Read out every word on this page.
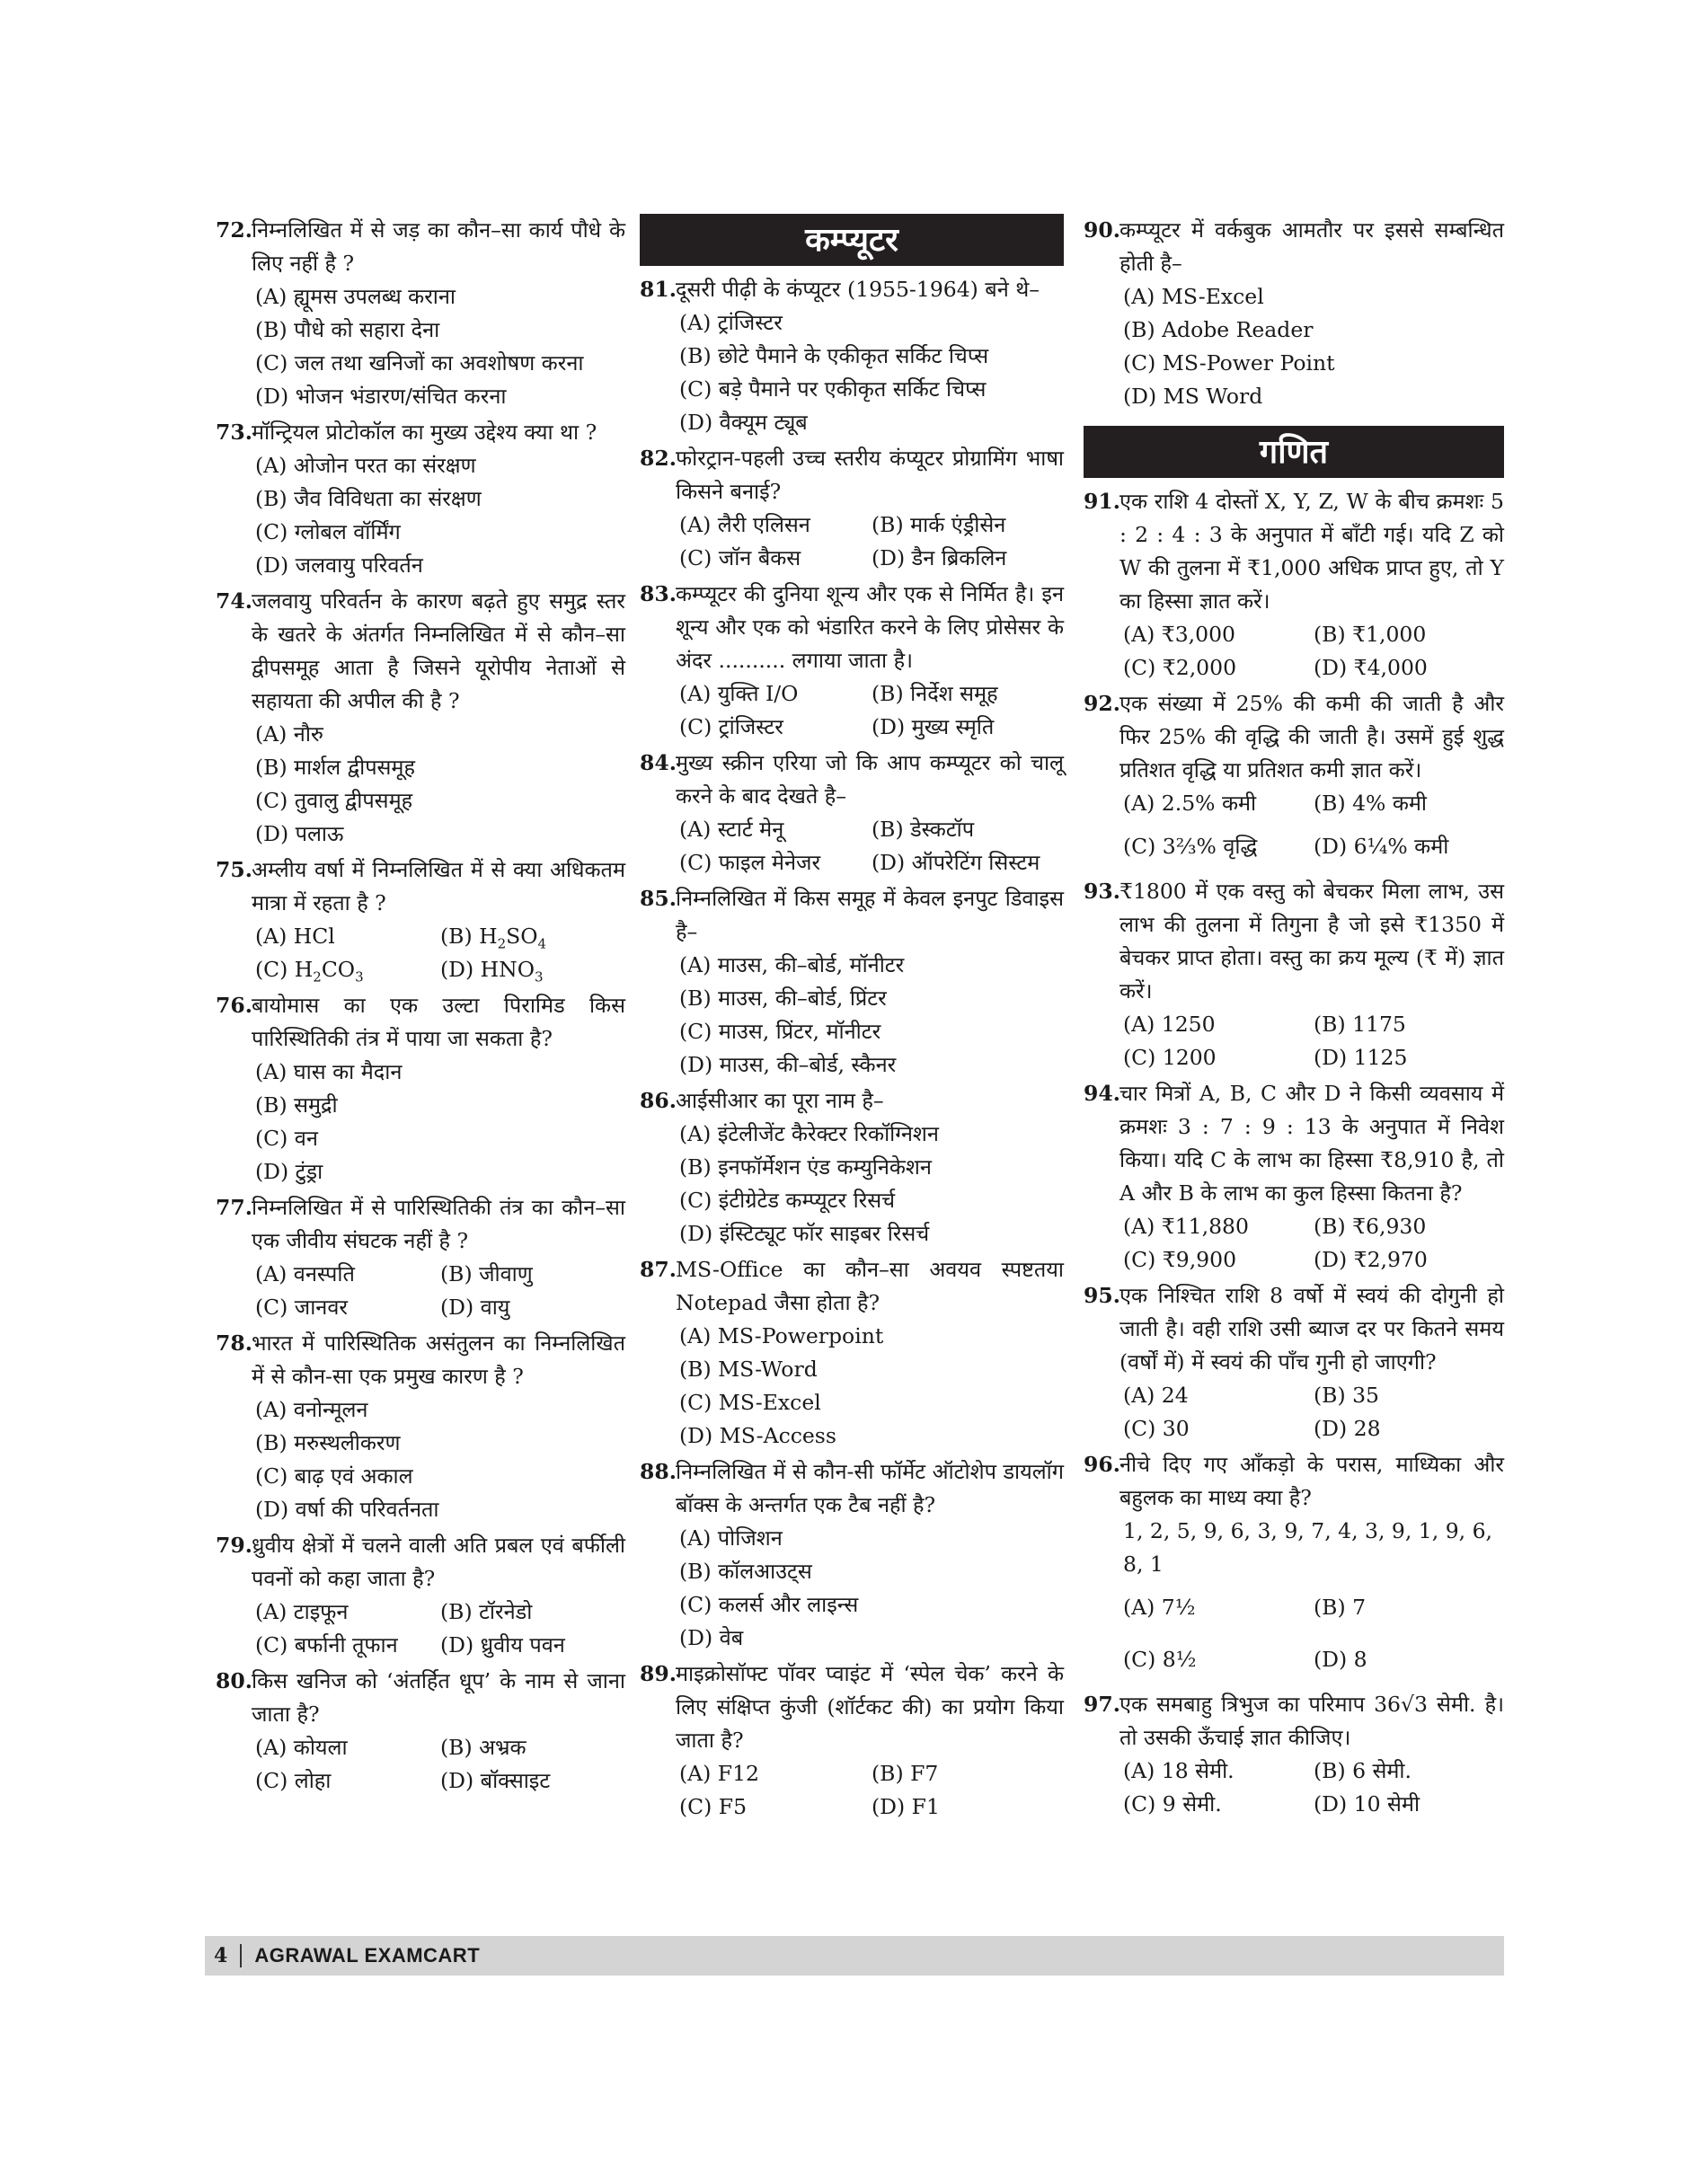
72. निम्नलिखित में से जड़ का कौन–सा कार्य पौधे के लिए नहीं है ?
(A) ह्यूमस उपलब्ध कराना
(B) पौधे को सहारा देना
(C) जल तथा खनिजों का अवशोषण करना
(D) भोजन भंडारण/संचित करना
73. मॉन्ट्रियल प्रोटोकॉल का मुख्य उद्देश्य क्या था ?
(A) ओजोन परत का संरक्षण
(B) जैव विविधता का संरक्षण
(C) ग्लोबल वॉर्मिंग
(D) जलवायु परिवर्तन
74. जलवायु परिवर्तन के कारण बढ़ते हुए समुद्र स्तर के खतरे के अंतर्गत निम्नलिखित में से कौन–सा द्वीपसमूह आता है जिसने यूरोपीय नेताओं से सहायता की अपील की है ?
(A) नौरु
(B) मार्शल द्वीपसमूह
(C) तुवालु द्वीपसमूह
(D) पलाऊ
75. अम्लीय वर्षा में निम्नलिखित में से क्या अधिकतम मात्रा में रहता है ?
(A) HCl	(B) $H_2SO_4$
(C) $H_2CO_3$	(D) $HNO_3$
76. बायोमास का एक उल्टा पिरामिड किस पारिस्थितिकी तंत्र में पाया जा सकता है?
(A) घास का मैदान
(B) समुद्री
(C) वन
(D) टुंड्रा
77. निम्नलिखित में से पारिस्थितिकी तंत्र का कौन–सा एक जीवीय संघटक नहीं है ?
(A) वनस्पति	(B) जीवाणु
(C) जानवर	(D) वायु
78. भारत में पारिस्थितिक असंतुलन का निम्नलिखित में से कौन-सा एक प्रमुख कारण है ?
(A) वनोन्मूलन
(B) मरुस्थलीकरण
(C) बाढ़ एवं अकाल
(D) वर्षा की परिवर्तनता
79. ध्रुवीय क्षेत्रों में चलने वाली अति प्रबल एवं बर्फीली पवनों को कहा जाता है?
(A) टाइफून	(B) टॉरनेडो
(C) बर्फानी तूफान	(D) ध्रुवीय पवन
80. किस खनिज को ‘अंतर्हित धूप’ के नाम से जाना जाता है?
(A) कोयला	(B) अभ्रक
(C) लोहा	(D) बॉक्साइट
कम्प्यूटर
81. दूसरी पीढ़ी के कंप्यूटर (1955-1964) बने थे–
(A) ट्रांजिस्टर
(B) छोटे पैमाने के एकीकृत सर्किट चिप्स
(C) बड़े पैमाने पर एकीकृत सर्किट चिप्स
(D) वैक्यूम ट्यूब
82. फोरट्रान-पहली उच्च स्तरीय कंप्यूटर प्रोग्रामिंग भाषा किसने बनाई?
(A) लैरी एलिसन	(B) मार्क एंड्रीसेन
(C) जॉन बैकस	(D) डैन ब्रिकलिन
83. कम्प्यूटर की दुनिया शून्य और एक से निर्मित है। इन शून्य और एक को भंडारित करने के लिए प्रोसेसर के अंदर .......... लगाया जाता है।
(A) युक्ति I/O	(B) निर्देश समूह
(C) ट्रांजिस्टर	(D) मुख्य स्मृति
84. मुख्य स्क्रीन एरिया जो कि आप कम्प्यूटर को चालू करने के बाद देखते है–
(A) स्टार्ट मेनू	(B) डेस्कटॉप
(C) फाइल मेनेजर	(D) ऑपरेटिंग सिस्टम
85. निम्नलिखित में किस समूह में केवल इनपुट डिवाइस है–
(A) माउस, की–बोर्ड, मॉनीटर
(B) माउस, की–बोर्ड, प्रिंटर
(C) माउस, प्रिंटर, मॉनीटर
(D) माउस, की–बोर्ड, स्कैनर
86. आईसीआर का पूरा नाम है–
(A) इंटेलीजेंट कैरेक्टर रिकॉग्निशन
(B) इनफॉर्मेशन एंड कम्युनिकेशन
(C) इंटीग्रेटेड कम्प्यूटर रिसर्च
(D) इंस्टिट्यूट फॉर साइबर रिसर्च
87. MS-Office का कौन–सा अवयव स्पष्टतया Notepad जैसा होता है?
(A) MS-Powerpoint
(B) MS-Word
(C) MS-Excel
(D) MS-Access
88. निम्नलिखित में से कौन-सी फॉर्मेट ऑटोशेप डायलॉग बॉक्स के अन्तर्गत एक टैब नहीं है?
(A) पोजिशन
(B) कॉलआउट्स
(C) कलर्स और लाइन्स
(D) वेब
89. माइक्रोसॉफ्ट पॉवर प्वाइंट में ‘स्पेल चेक’ करने के लिए संक्षिप्त कुंजी (शॉर्टकट की) का प्रयोग किया जाता है?
(A) F12	(B) F7
(C) F5	(D) F1
90. कम्प्यूटर में वर्कबुक आमतौर पर इससे सम्बन्धित होती है–
(A) MS-Excel
(B) Adobe Reader
(C) MS-Power Point
(D) MS Word
गणित
91. एक राशि 4 दोस्तों X, Y, Z, W के बीच क्रमशः 5 : 2 : 4 : 3 के अनुपात में बाँटी गई। यदि Z को W की तुलना में ₹1,000 अधिक प्राप्त हुए, तो Y का हिस्सा ज्ञात करें।
(A) ₹3,000	(B) ₹1,000
(C) ₹2,000	(D) ₹4,000
92. एक संख्या में 25% की कमी की जाती है और फिर 25% की वृद्धि की जाती है। उसमें हुई शुद्ध प्रतिशत वृद्धि या प्रतिशत कमी ज्ञात करें।
(A) 2.5% कमी	(B) 4% कमी
(C) 3⅔% वृद्धि	(D) 6¼% कमी
93. ₹1800 में एक वस्तु को बेचकर मिला लाभ, उस लाभ की तुलना में तिगुना है जो इसे ₹1350 में बेचकर प्राप्त होता। वस्तु का क्रय मूल्य (₹ में) ज्ञात करें।
(A) 1250	(B) 1175
(C) 1200	(D) 1125
94. चार मित्रों A, B, C और D ने किसी व्यवसाय में क्रमशः 3 : 7 : 9 : 13 के अनुपात में निवेश किया। यदि C के लाभ का हिस्सा ₹8,910 है, तो A और B के लाभ का कुल हिस्सा कितना है?
(A) ₹11,880	(B) ₹6,930
(C) ₹9,900	(D) ₹2,970
95. एक निश्चित राशि 8 वर्षो में स्वयं की दोगुनी हो जाती है। वही राशि उसी ब्याज दर पर कितने समय (वर्षों में) में स्वयं की पाँच गुनी हो जाएगी?
(A) 24	(B) 35
(C) 30	(D) 28
96. नीचे दिए गए आँकड़ो के परास, माध्यिका और बहुलक का माध्य क्या है?
1, 2, 5, 9, 6, 3, 9, 7, 4, 3, 9, 1, 9, 6, 8, 1
(A) 7½	(B) 7
(C) 8½	(D) 8
97. एक समबाहु त्रिभुज का परिमाप 36√3 सेमी. है। तो उसकी ऊँचाई ज्ञात कीजिए।
(A) 18 सेमी.	(B) 6 सेमी.
(C) 9 सेमी.	(D) 10 सेमी
4	AGRAWAL EXAMCART
